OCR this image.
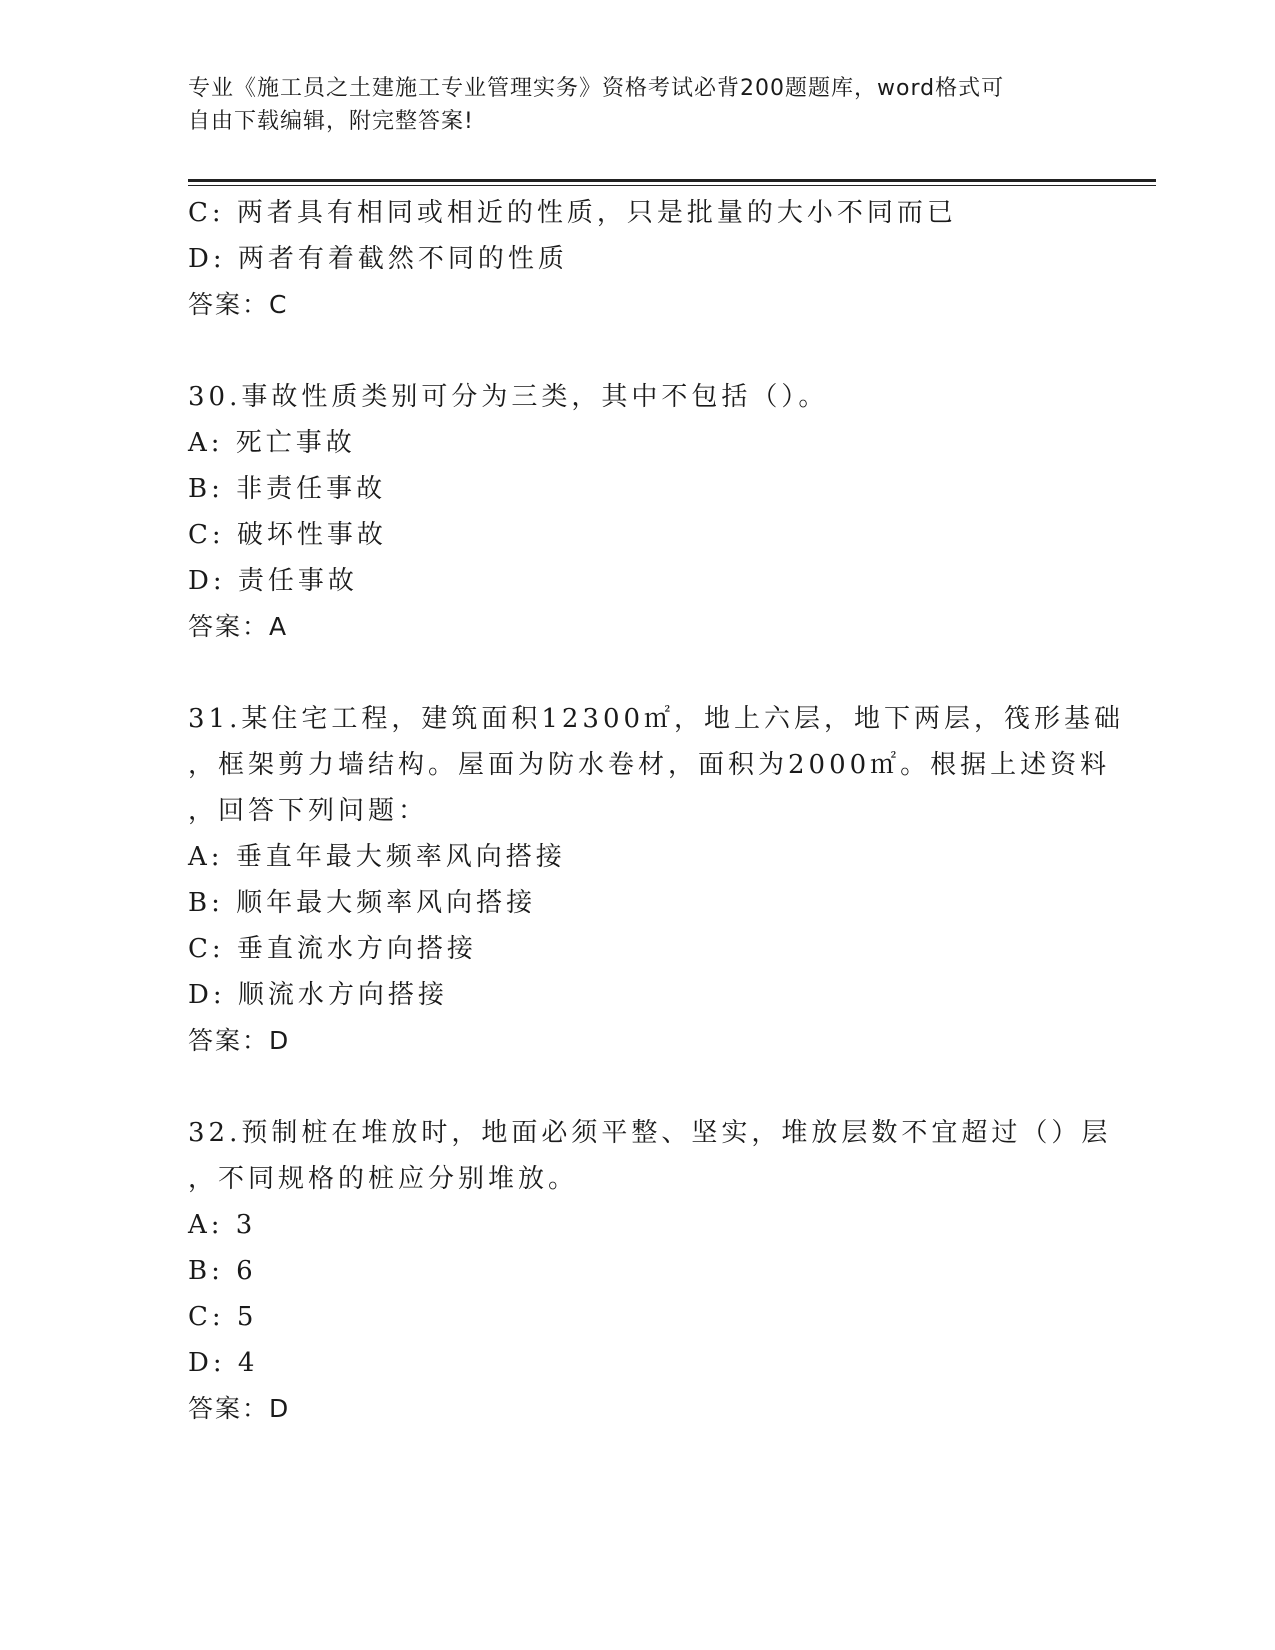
专业《施工员之土建施工专业管理实务》资格考试必背200题题库，word格式可
自由下载编辑，附完整答案!
C: 两者具有相同或相近的性质，只是批量的大小不同而已
D: 两者有着截然不同的性质
答案：C
30.事故性质类别可分为三类，其中不包括（）。
A: 死亡事故
B: 非责任事故
C: 破坏性事故
D: 责任事故
答案：A
31.某住宅工程，建筑面积12300㎡，地上六层，地下两层，筏形基础
，框架剪力墙结构。屋面为防水卷材，面积为2000㎡。根据上述资料
，回答下列问题：
A: 垂直年最大频率风向搭接
B: 顺年最大频率风向搭接
C: 垂直流水方向搭接
D: 顺流水方向搭接
答案：D
32.预制桩在堆放时，地面必须平整、坚实，堆放层数不宜超过（）层
，不同规格的桩应分别堆放。
A: 3
B: 6
C: 5
D: 4
答案：D
